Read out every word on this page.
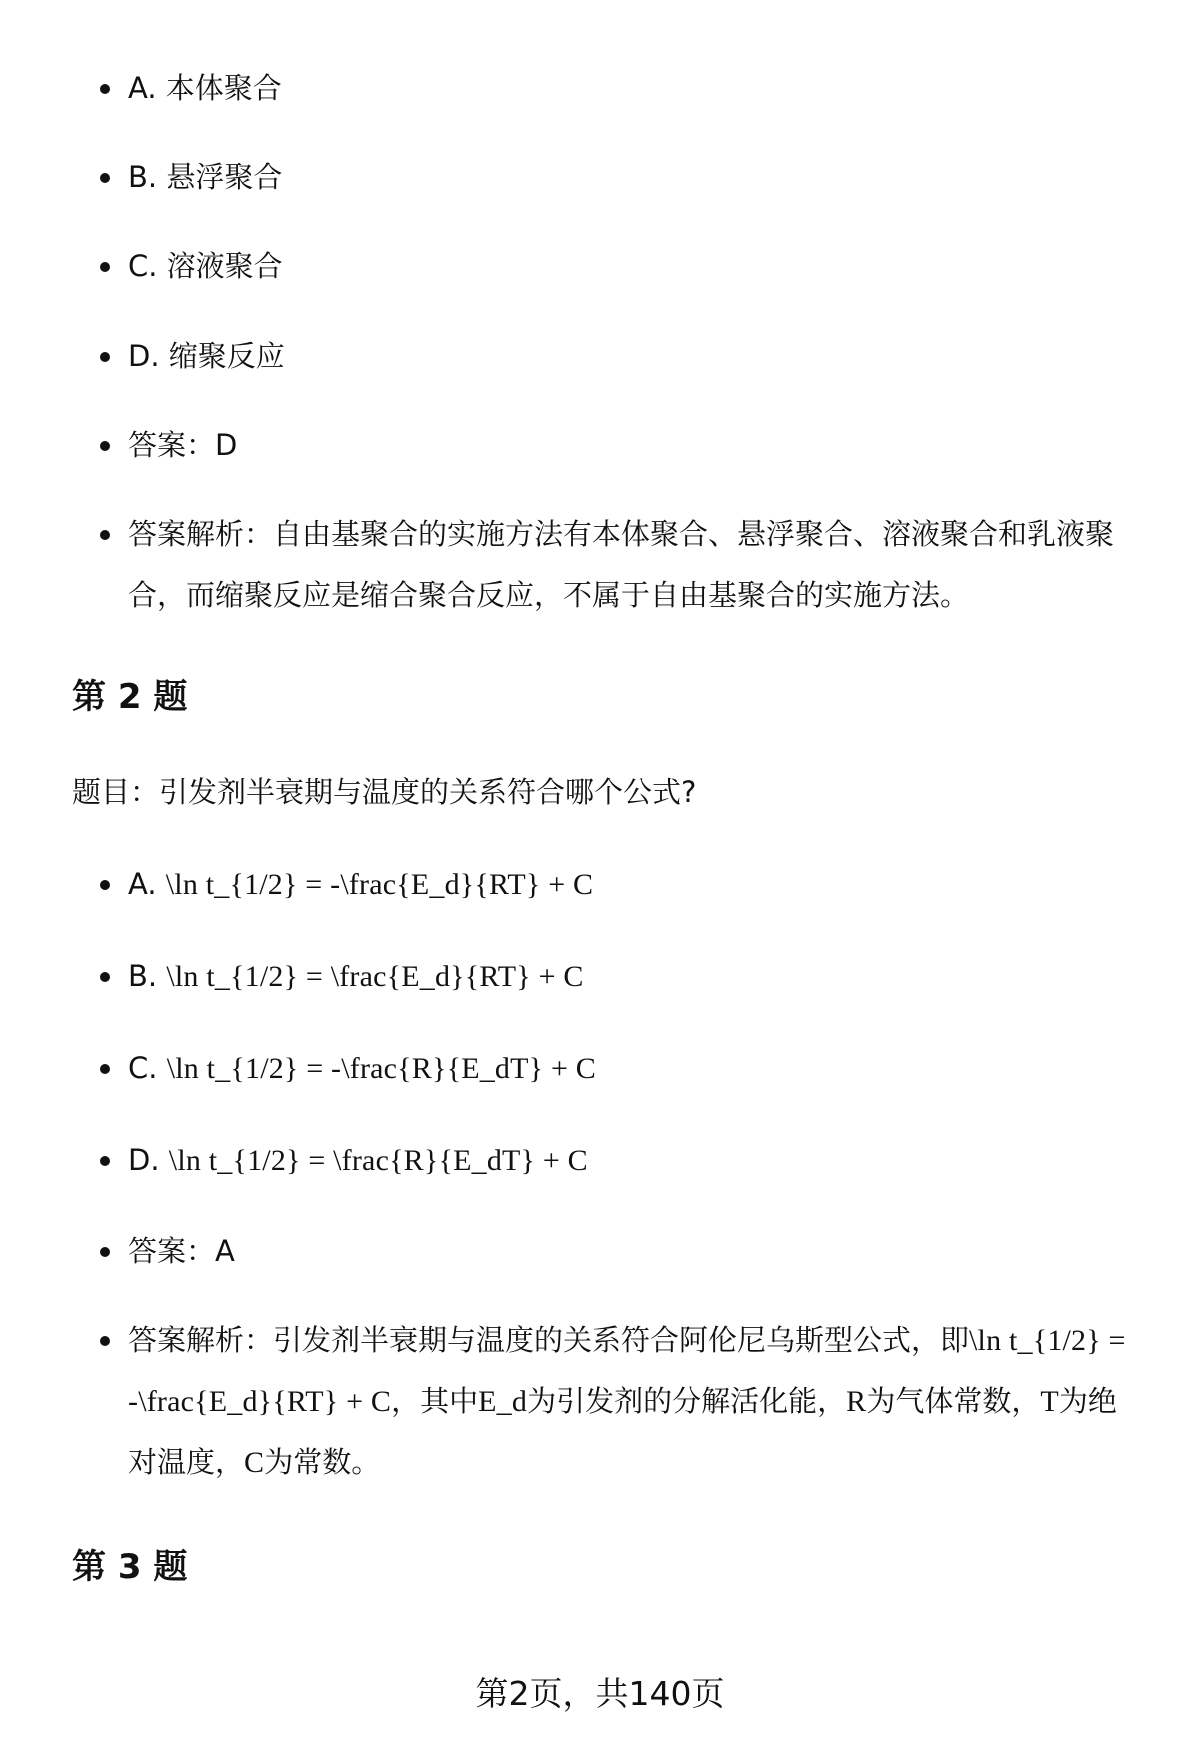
A. 本体聚合
B. 悬浮聚合
C. 溶液聚合
D. 缩聚反应
答案：D
答案解析：自由基聚合的实施方法有本体聚合、悬浮聚合、溶液聚合和乳液聚合，而缩聚反应是缩合聚合反应，不属于自由基聚合的实施方法。
第 2 题
题目：引发剂半衰期与温度的关系符合哪个公式?
A. \ln t_{1/2} = -\frac{E_d}{RT} + C
B. \ln t_{1/2} = \frac{E_d}{RT} + C
C. \ln t_{1/2} = -\frac{R}{E_dT} + C
D. \ln t_{1/2} = \frac{R}{E_dT} + C
答案：A
答案解析：引发剂半衰期与温度的关系符合阿伦尼乌斯型公式，即\ln t_{1/2} = -\frac{E_d}{RT} + C，其中E_d为引发剂的分解活化能，R为气体常数，T为绝对温度，C为常数。
第 3 题
第2页，共140页
